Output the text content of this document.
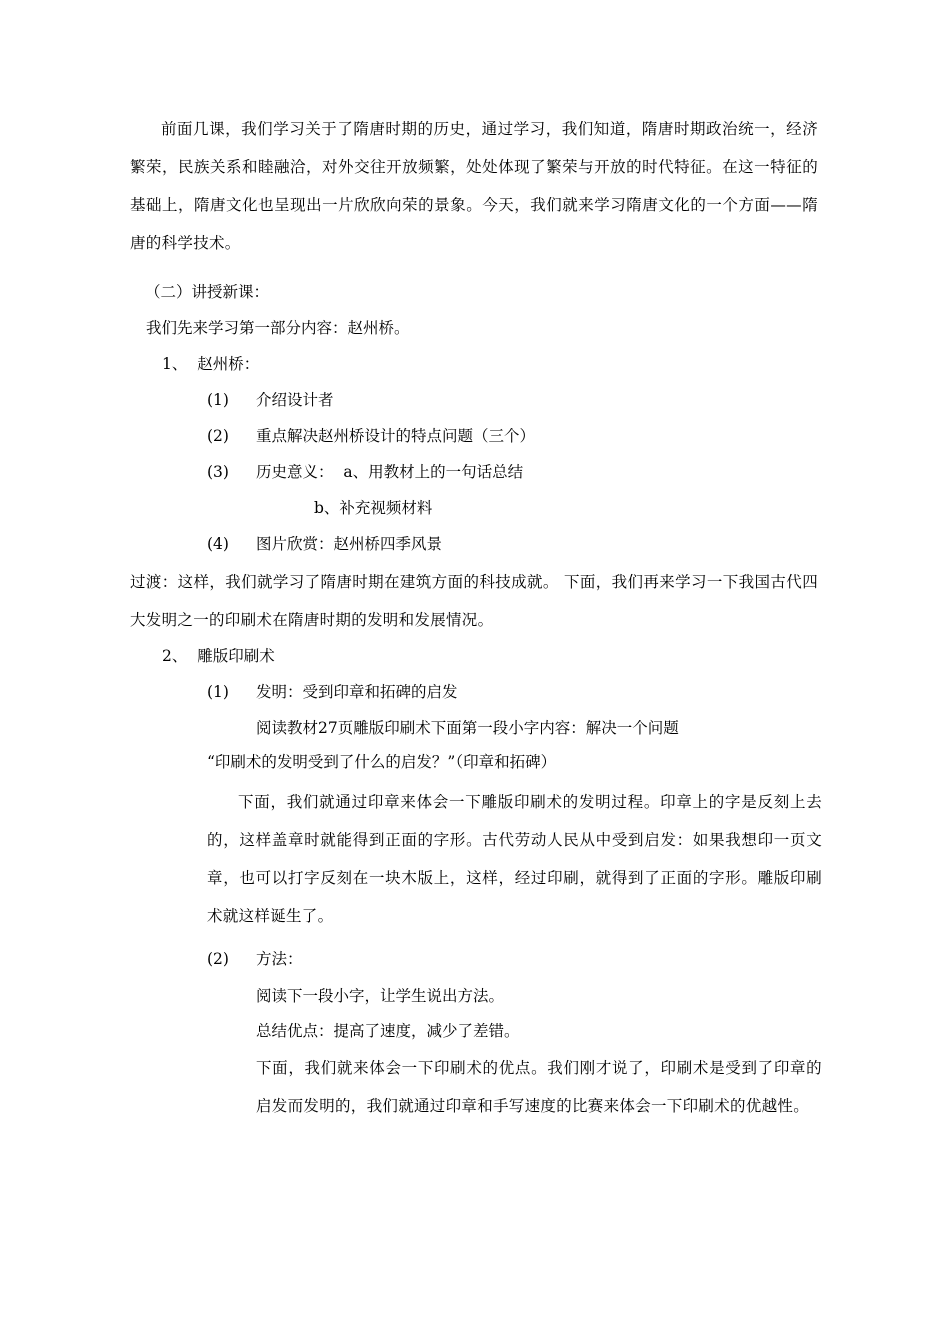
前面几课，我们学习关于了隋唐时期的历史，通过学习，我们知道，隋唐时期政治统一，经济繁荣，民族关系和睦融洽，对外交往开放频繁，处处体现了繁荣与开放的时代特征。在这一特征的基础上，隋唐文化也呈现出一片欣欣向荣的景象。今天，我们就来学习隋唐文化的一个方面——隋唐的科学技术。
（二）讲授新课：
我们先来学习第一部分内容：赵州桥。
1、 赵州桥：
(1) 介绍设计者
(2) 重点解决赵州桥设计的特点问题（三个）
(3) 历史意义：  a、用教材上的一句话总结
b、补充视频材料
(4) 图片欣赏：赵州桥四季风景
过渡：这样，我们就学习了隋唐时期在建筑方面的科技成就。 下面，我们再来学习一下我国古代四大发明之一的印刷术在隋唐时期的发明和发展情况。
2、 雕版印刷术
(1) 发明：受到印章和拓碑的启发
阅读教材27页雕版印刷术下面第一段小字内容：解决一个问题
“印刷术的发明受到了什么的启发？”（印章和拓碑）
下面，我们就通过印章来体会一下雕版印刷术的发明过程。印章上的字是反刻上去的，这样盖章时就能得到正面的字形。古代劳动人民从中受到启发：如果我想印一页文章，也可以打字反刻在一块木版上，这样，经过印刷，就得到了正面的字形。雕版印刷术就这样诞生了。
(2) 方法：
阅读下一段小字，让学生说出方法。
总结优点：提高了速度，减少了差错。
下面，我们就来体会一下印刷术的优点。我们刚才说了，印刷术是受到了印章的启发而发明的，我们就通过印章和手写速度的比赛来体会一下印刷术的优越性。
